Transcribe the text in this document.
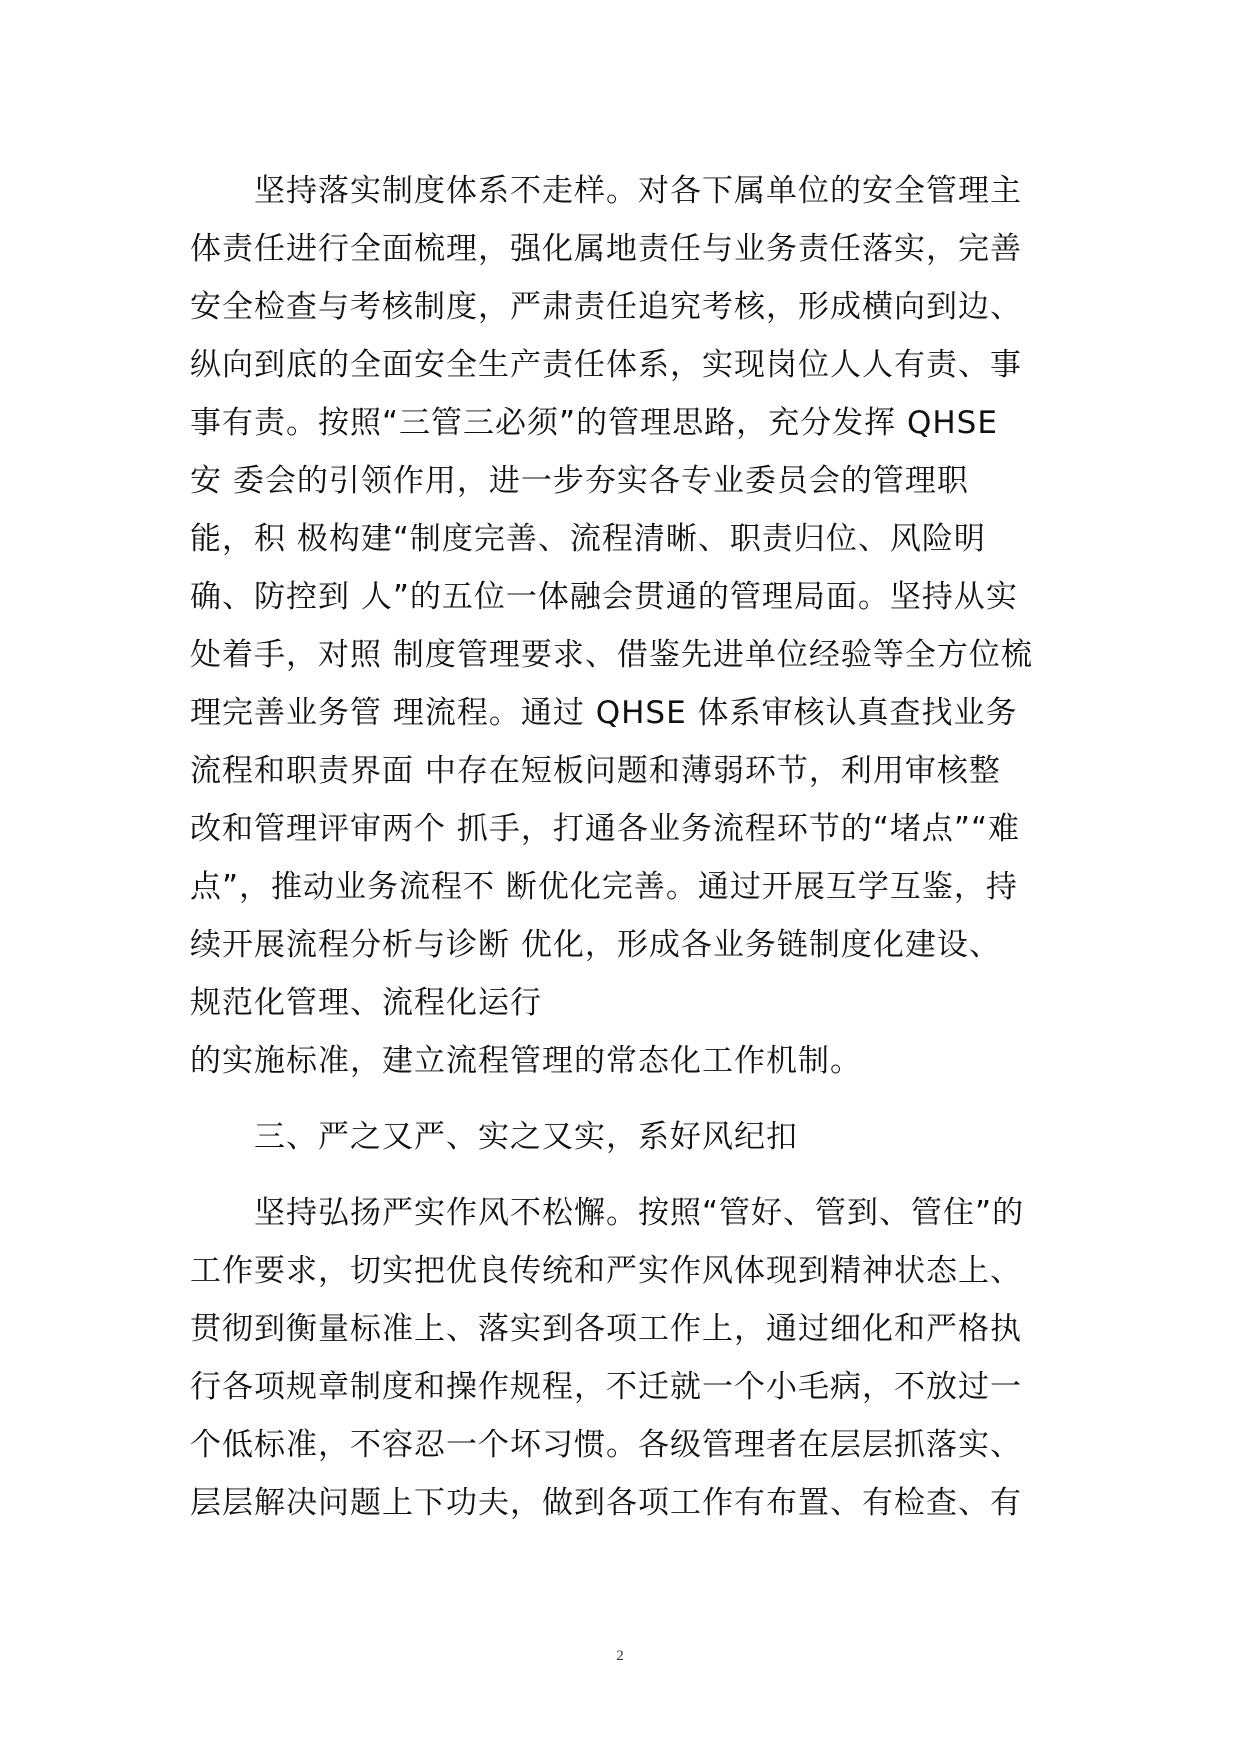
坚持落实制度体系不走样。对各下属单位的安全管理主
体责任进行全面梳理，强化属地责任与业务责任落实，完善
安全检查与考核制度，严肃责任追究考核，形成横向到边、
纵向到底的全面安全生产责任体系，实现岗位人人有责、事
事有责。按照“三管三必须”的管理思路，充分发挥 QHSE
安 委会的引领作用，进一步夯实各专业委员会的管理职
能，积 极构建“制度完善、流程清晰、职责归位、风险明
确、防控到 人”的五位一体融会贯通的管理局面。坚持从实
处着手，对照 制度管理要求、借鉴先进单位经验等全方位梳
理完善业务管 理流程。通过 QHSE 体系审核认真查找业务
流程和职责界面 中存在短板问题和薄弱环节，利用审核整
改和管理评审两个 抓手，打通各业务流程环节的“堵点”“难
点”，推动业务流程不 断优化完善。通过开展互学互鉴，持
续开展流程分析与诊断 优化，形成各业务链制度化建设、
规范化管理、流程化运行
的实施标准，建立流程管理的常态化工作机制。
三、严之又严、实之又实，系好风纪扣
坚持弘扬严实作风不松懈。按照“管好、管到、管住”的
工作要求，切实把优良传统和严实作风体现到精神状态上、
贯彻到衡量标准上、落实到各项工作上，通过细化和严格执
行各项规章制度和操作规程，不迁就一个小毛病，不放过一
个低标准，不容忍一个坏习惯。各级管理者在层层抓落实、
层层解决问题上下功夫，做到各项工作有布置、有检查、有
2
